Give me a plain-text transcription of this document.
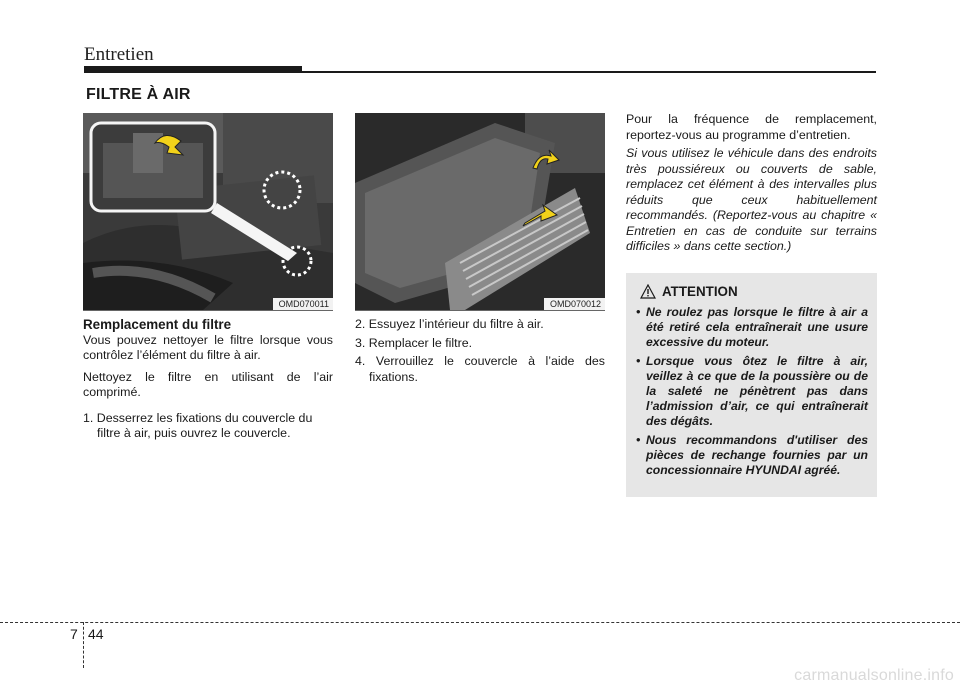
Entretien
FILTRE À AIR
OMD070011	OMD070012

Remplacement du filtre

Vous pouvez nettoyer le filtre lorsque vous contrôlez l’élément du filtre à air.

Nettoyez le filtre en utilisant de l’air comprimé.

1. Desserrez les fixations du couvercle du filtre à air, puis ouvrez le couvercle.

2. Essuyez l’intérieur du filtre à air.

3. Remplacer le filtre.

4. Verrouillez le couvercle à l’aide des fixations.

Pour la fréquence de remplacement, reportez-vous au programme d’entretien.

Si vous utilisez le véhicule dans des endroits très poussiéreux ou couverts de sable, remplacez cet élément à des intervalles plus réduits que ceux habituellement recommandés. (Reportez-vous au chapitre « Entretien en cas de conduite sur terrains difficiles » dans cette section.)

ATTENTION
• Ne roulez pas lorsque le filtre à air a été retiré cela entraînerait une usure excessive du moteur.
• Lorsque vous ôtez le filtre à air, veillez à ce que de la poussière ou de la saleté ne pénètrent pas dans l’admission d’air, ce qui entraînerait des dégâts.
• Nous recommandons d'utiliser des pièces de rechange fournies par un concessionnaire HYUNDAI agréé.
7 44
carmanualsonline.info
